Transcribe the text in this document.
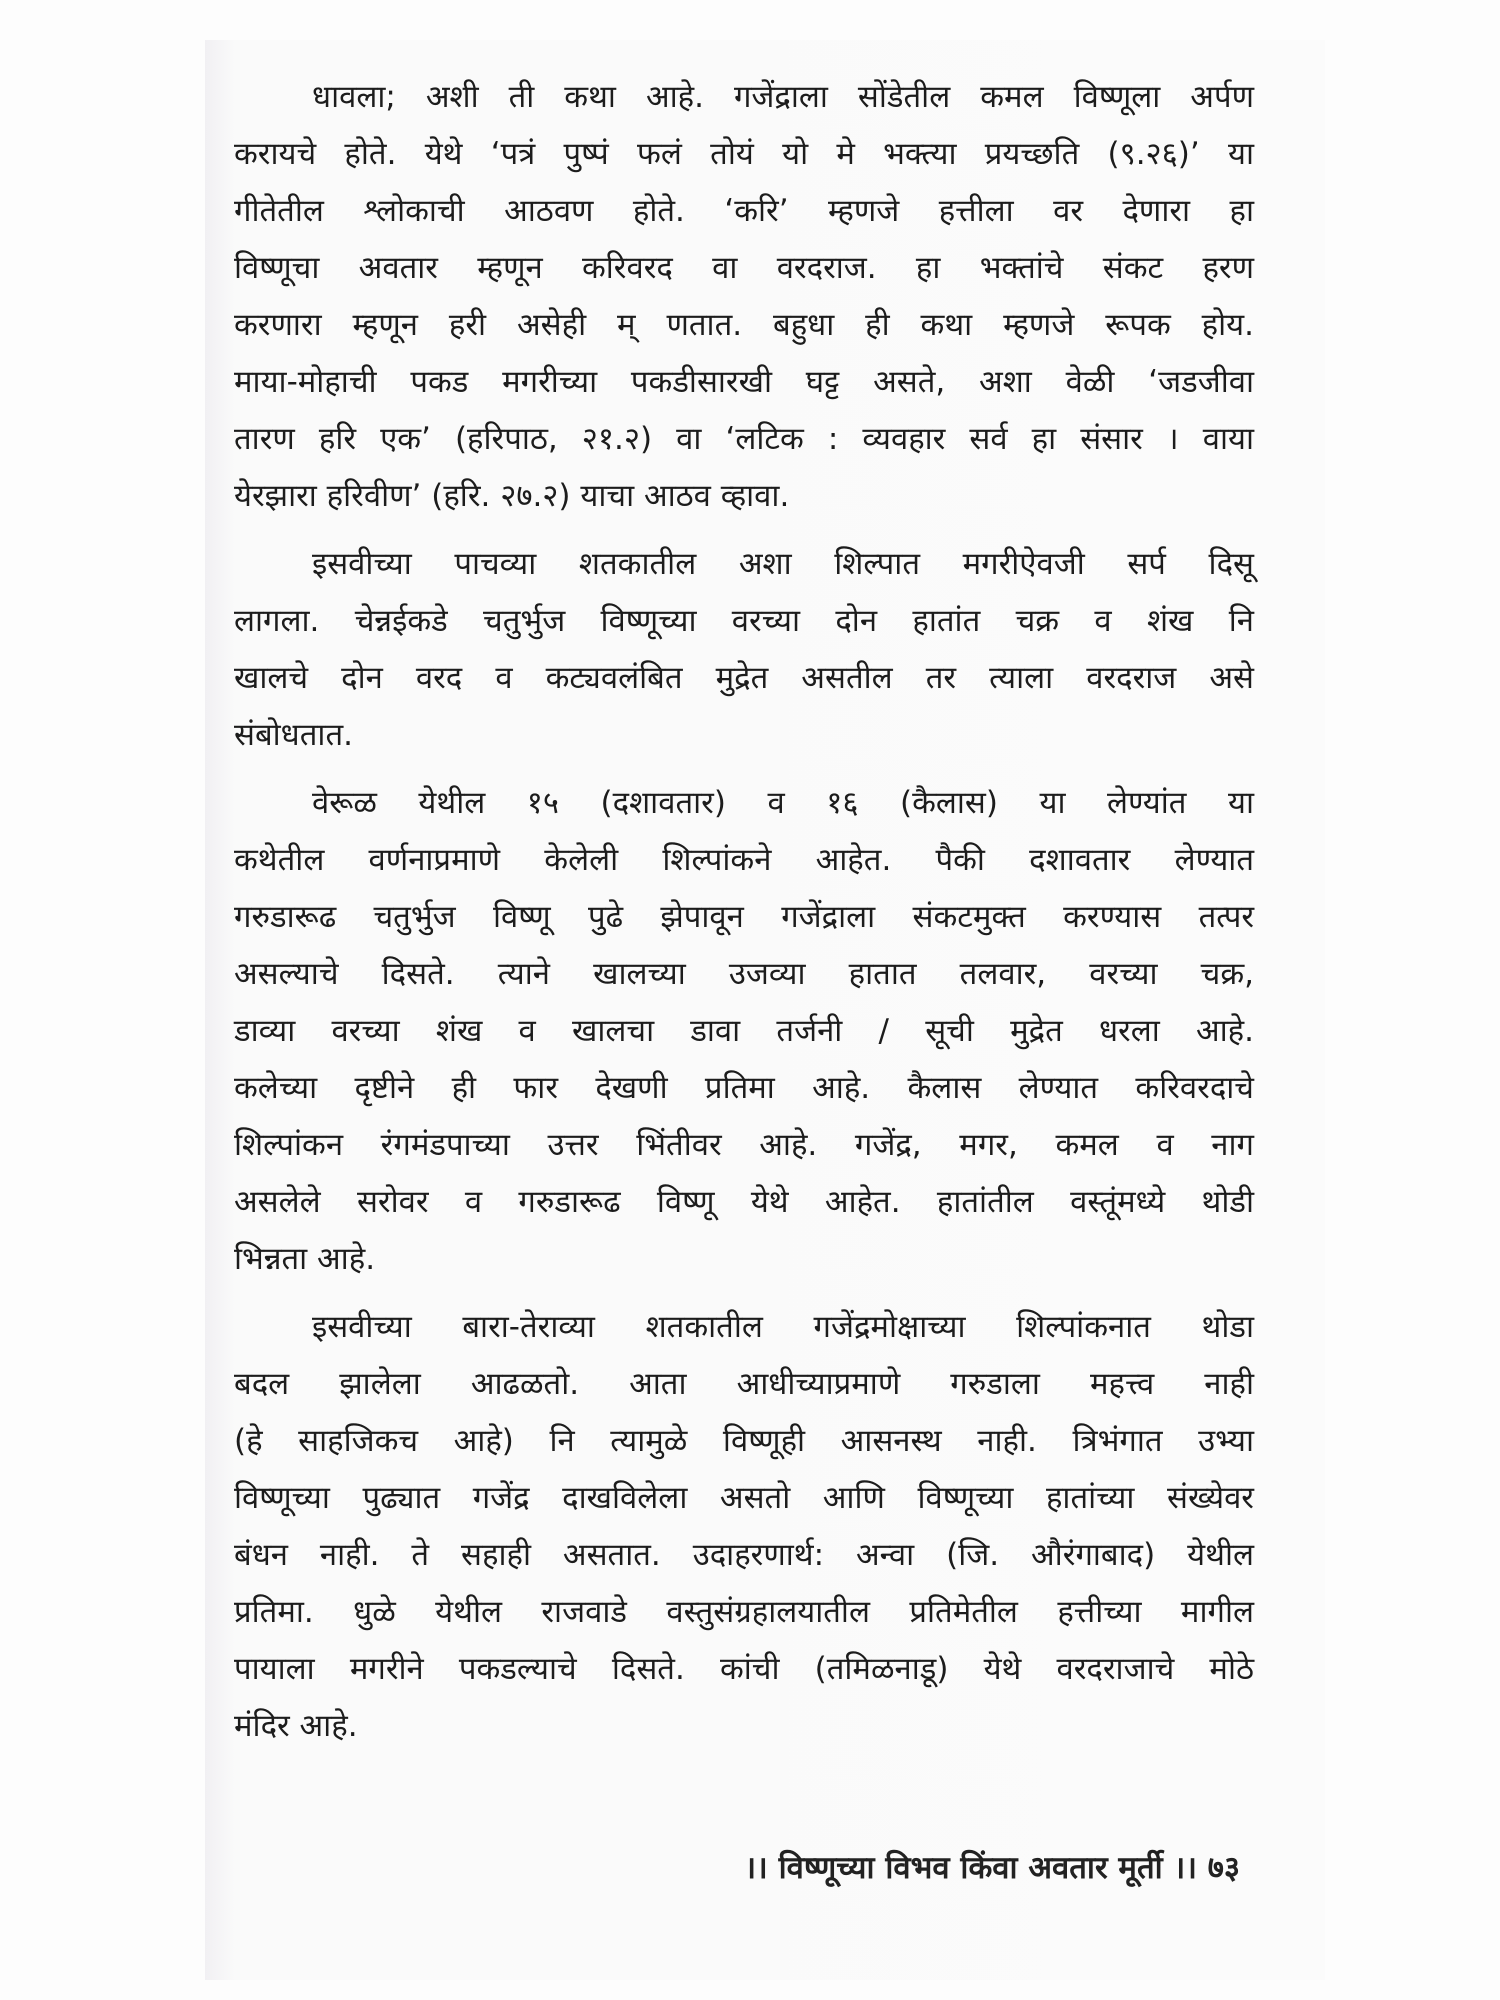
धावला; अशी ती कथा आहे. गजेंद्राला सोंडेतील कमल विष्णूला अर्पण
करायचे होते. येथे ‘पत्रं पुष्पं फलं तोयं यो मे भक्त्या प्रयच्छति (९.२६)’ या
गीतेतील श्लोकाची आठवण होते. ‘करि’ म्हणजे हत्तीला वर देणारा हा
विष्णूचा अवतार म्हणून करिवरद वा वरदराज. हा भक्तांचे संकट हरण
करणारा म्हणून हरी असेही म् णतात. बहुधा ही कथा म्हणजे रूपक होय.
माया-मोहाची पकड मगरीच्या पकडीसारखी घट्ट असते, अशा वेळी ‘जडजीवा
तारण हरि एक’ (हरिपाठ, २१.२) वा ‘लटिक : व्यवहार सर्व हा संसार । वाया
येरझारा हरिवीण’ (हरि. २७.२) याचा आठव व्हावा.
इसवीच्या पाचव्या शतकातील अशा शिल्पात मगरीऐवजी सर्प दिसू
लागला. चेन्नईकडे चतुर्भुज विष्णूच्या वरच्या दोन हातांत चक्र व शंख नि
खालचे दोन वरद व कट्यवलंबित मुद्रेत असतील तर त्याला वरदराज असे
संबोधतात.
वेरूळ येथील १५ (दशावतार) व १६ (कैलास) या लेण्यांत या
कथेतील वर्णनाप्रमाणे केलेली शिल्पांकने आहेत. पैकी दशावतार लेण्यात
गरुडारूढ चतुर्भुज विष्णू पुढे झेपावून गजेंद्राला संकटमुक्त करण्यास तत्पर
असल्याचे दिसते. त्याने खालच्या उजव्या हातात तलवार, वरच्या चक्र,
डाव्या वरच्या शंख व खालचा डावा तर्जनी / सूची मुद्रेत धरला आहे.
कलेच्या दृष्टीने ही फार देखणी प्रतिमा आहे. कैलास लेण्यात करिवरदाचे
शिल्पांकन रंगमंडपाच्या उत्तर भिंतीवर आहे. गजेंद्र, मगर, कमल व नाग
असलेले सरोवर व गरुडारूढ विष्णू येथे आहेत. हातांतील वस्तूंमध्ये थोडी
भिन्नता आहे.
इसवीच्या बारा-तेराव्या शतकातील गजेंद्रमोक्षाच्या शिल्पांकनात थोडा
बदल झालेला आढळतो. आता आधीच्याप्रमाणे गरुडाला महत्त्व नाही
(हे साहजिकच आहे) नि त्यामुळे विष्णूही आसनस्थ नाही. त्रिभंगात उभ्या
विष्णूच्या पुढ्यात गजेंद्र दाखविलेला असतो आणि विष्णूच्या हातांच्या संख्येवर
बंधन नाही. ते सहाही असतात. उदाहरणार्थ: अन्वा (जि. औरंगाबाद) येथील
प्रतिमा. धुळे येथील राजवाडे वस्तुसंग्रहालयातील प्रतिमेतील हत्तीच्या मागील
पायाला मगरीने पकडल्याचे दिसते. कांची (तमिळनाडू) येथे वरदराजाचे मोठे
मंदिर आहे.
।। विष्णूच्या विभव किंवा अवतार मूर्ती ।। ७३
